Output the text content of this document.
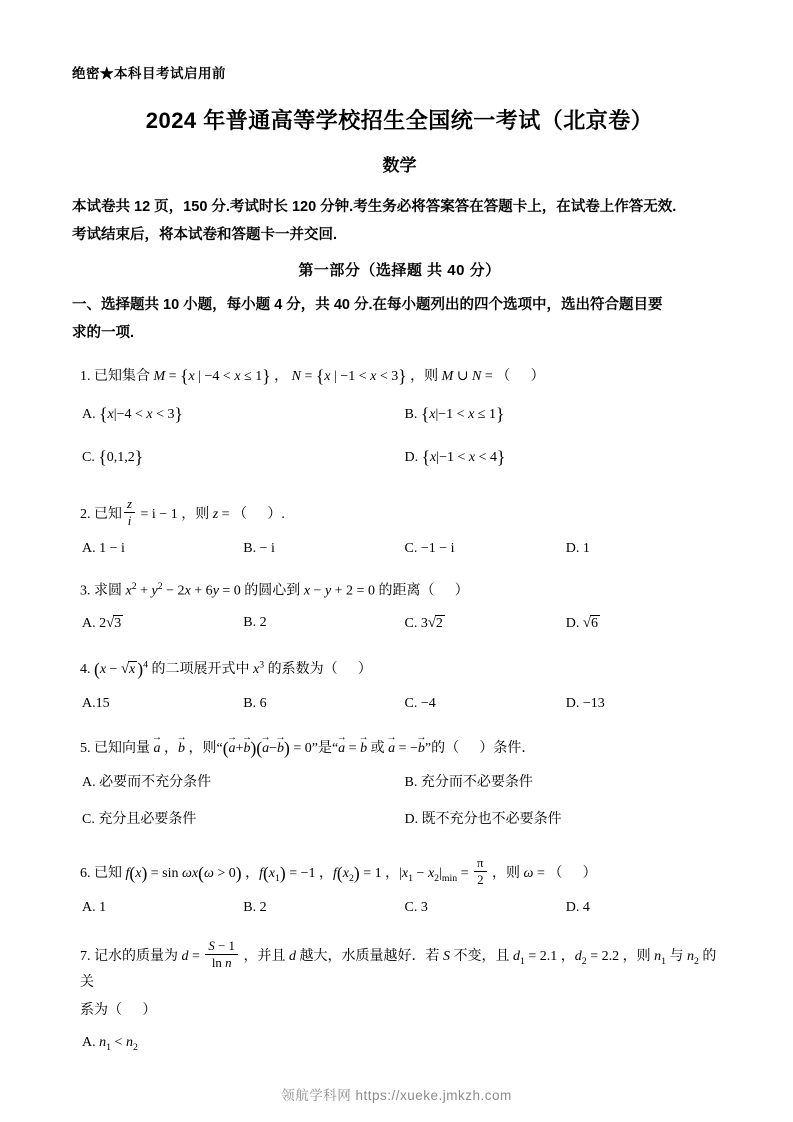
绝密★本科目考试启用前
2024 年普通高等学校招生全国统一考试（北京卷）
数学
本试卷共 12 页，150 分.考试时长 120 分钟.考生务必将答案答在答题卡上，在试卷上作答无效.
考试结束后，将本试卷和答题卡一并交回.
第一部分（选择题 共 40 分）
一、选择题共 10 小题，每小题 4 分，共 40 分.在每小题列出的四个选项中，选出符合题目要
求的一项.
1. 已知集合 M = {x | −4 < x ≤ 1} ， N = {x | −1 < x < 3} ，则 M ∪ N = （ ）
A. {x|−4 < x < 3}	B. {x|−1 < x ≤ 1}
C. {0,1,2}	D. {x|−1 < x < 4}
2. 已知 $\frac{z}{i} = i - 1$ ，则 z = （ ）.
A. 1 − i	B. − i	C. −1 − i	D. 1
3. 求圆 $x^2 + y^2 - 2x + 6y = 0$ 的圆心到 x − y + 2 = 0 的距离（ ）
A. 2√3	B. 2	C. 3√2	D. √6
4. (x − √x )$^4$ 的二项展开式中 $x^3$ 的系数为（ ）
A.15	B. 6	C. −4	D. −13
5. 已知向量 a → ，b → ，则“(a →+b →)(a →−b →) = 0”是“a → = b → 或 a → = −b →”的（ ）条件．
A. 必要而不充分条件	B. 充分而不必要条件
C. 充分且必要条件	D. 既不充分也不必要条件
6. 已知 f(x) = sin ωx(ω > 0) ，$f(x_1) = -1$ ，$f(x_2) = 1$ ，$|x_1 - x_2|_{min} = \frac{\pi}{2}$ ，则 ω = （ ）
A. 1	B. 2	C. 3	D. 4
7. 记水的质量为 $d = \frac{S - 1}{\text{ln n}}$ ，并且 d 越大，水质量越好．若 S 不变，且 $d_1 = 2.1$ ，$d_2 = 2.2$ ，则 $n_1$ 与 $n_2$ 的关
系为（ ）
A. $n_1 < n_2$
领航学科网 https://xueke.jmkzh.com
